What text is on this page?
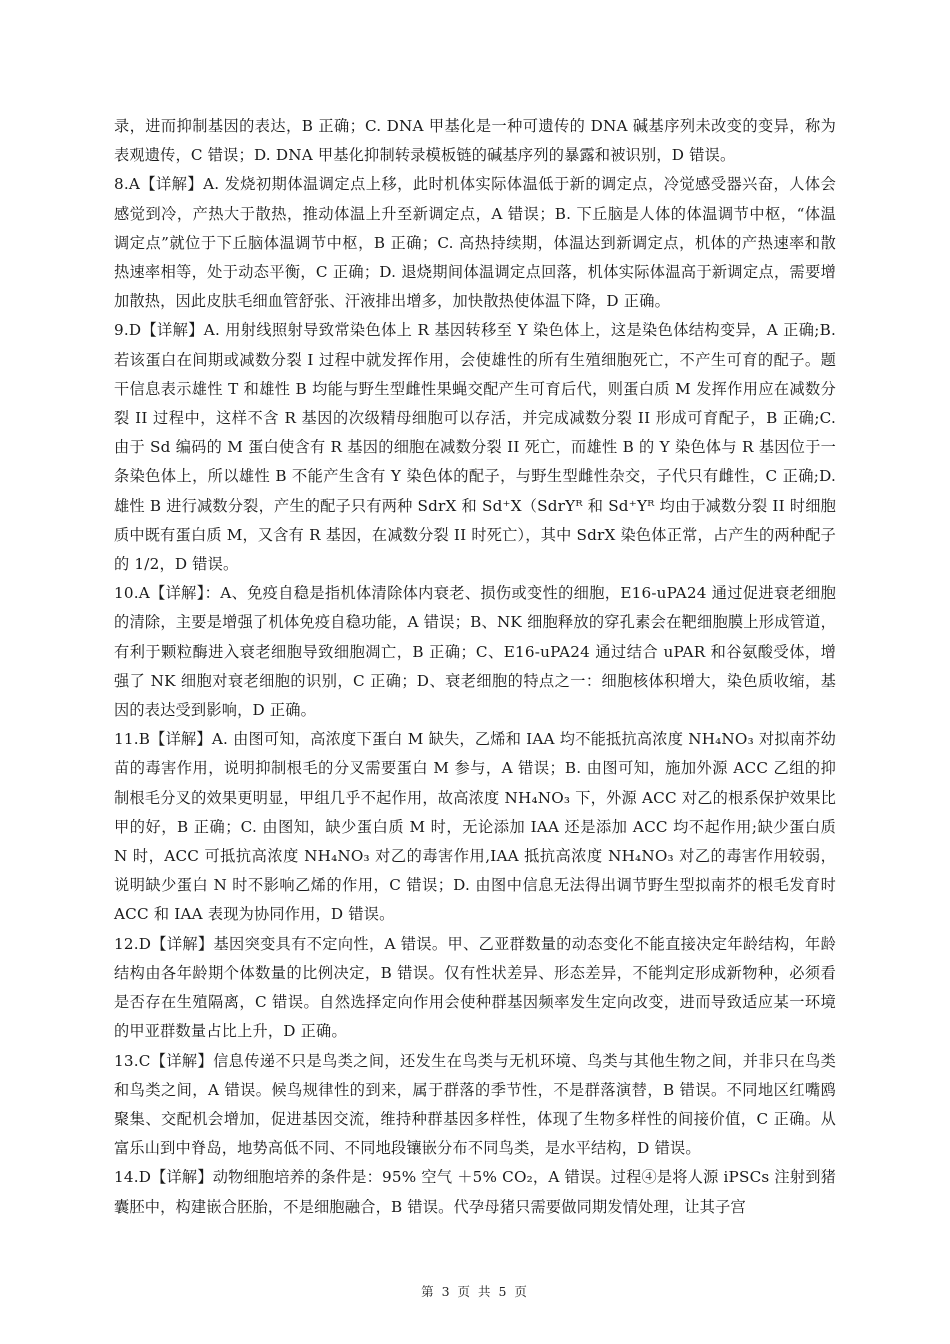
录，进而抑制基因的表达，B 正确；C. DNA 甲基化是一种可遗传的 DNA 碱基序列未改变的变异，称为表观遗传，C 错误；D. DNA 甲基化抑制转录模板链的碱基序列的暴露和被识别，D 错误。

8.A【详解】A. 发烧初期体温调定点上移，此时机体实际体温低于新的调定点，冷觉感受器兴奋，人体会感觉到冷，产热大于散热，推动体温上升至新调定点，A 错误；B. 下丘脑是人体的体温调节中枢，“体温调定点”就位于下丘脑体温调节中枢，B 正确；C. 高热持续期，体温达到新调定点，机体的产热速率和散热速率相等，处于动态平衡，C 正确；D. 退烧期间体温调定点回落，机体实际体温高于新调定点，需要增加散热，因此皮肤毛细血管舒张、汗液排出增多，加快散热使体温下降，D 正确。

9.D【详解】A. 用射线照射导致常染色体上 R 基因转移至 Y 染色体上，这是染色体结构变异，A 正确;B. 若该蛋白在间期或减数分裂 I 过程中就发挥作用，会使雄性的所有生殖细胞死亡，不产生可育的配子。题干信息表示雄性 T 和雄性 B 均能与野生型雌性果蝇交配产生可育后代，则蛋白质 M 发挥作用应在减数分裂 II 过程中，这样不含 R 基因的次级精母细胞可以存活，并完成减数分裂 II 形成可育配子，B 正确;C. 由于 Sd 编码的 M 蛋白使含有 R 基因的细胞在减数分裂 II 死亡，而雄性 B 的 Y 染色体与 R 基因位于一条染色体上，所以雄性 B 不能产生含有 Y 染色体的配子，与野生型雌性杂交，子代只有雌性，C 正确;D. 雄性 B 进行减数分裂，产生的配子只有两种 SdrX 和 Sd⁺X（SdrYᴿ 和 Sd⁺Yᴿ 均由于减数分裂 II 时细胞质中既有蛋白质 M，又含有 R 基因，在减数分裂 II 时死亡），其中 SdrX 染色体正常，占产生的两种配子的 1/2，D 错误。

10.A【详解】：A、免疫自稳是指机体清除体内衰老、损伤或变性的细胞，E16-uPA24 通过促进衰老细胞的清除，主要是增强了机体免疫自稳功能，A 错误；B、NK 细胞释放的穿孔素会在靶细胞膜上形成管道，有利于颗粒酶进入衰老细胞导致细胞凋亡，B 正确；C、E16-uPA24 通过结合 uPAR 和谷氨酸受体，增强了 NK 细胞对衰老细胞的识别，C 正确；D、衰老细胞的特点之一：细胞核体积增大，染色质收缩，基因的表达受到影响，D 正确。

11.B【详解】A. 由图可知，高浓度下蛋白 M 缺失，乙烯和 IAA 均不能抵抗高浓度 NH₄NO₃ 对拟南芥幼苗的毒害作用，说明抑制根毛的分叉需要蛋白 M 参与，A 错误；B. 由图可知，施加外源 ACC 乙组的抑制根毛分叉的效果更明显，甲组几乎不起作用，故高浓度 NH₄NO₃ 下，外源 ACC 对乙的根系保护效果比甲的好，B 正确；C. 由图知，缺少蛋白质 M 时，无论添加 IAA 还是添加 ACC 均不起作用;缺少蛋白质 N 时，ACC 可抵抗高浓度 NH₄NO₃ 对乙的毒害作用,IAA 抵抗高浓度 NH₄NO₃ 对乙的毒害作用较弱，说明缺少蛋白 N 时不影响乙烯的作用，C 错误；D. 由图中信息无法得出调节野生型拟南芥的根毛发育时 ACC 和 IAA 表现为协同作用，D 错误。

12.D【详解】基因突变具有不定向性，A 错误。甲、乙亚群数量的动态变化不能直接决定年龄结构，年龄结构由各年龄期个体数量的比例决定，B 错误。仅有性状差异、形态差异，不能判定形成新物种，必须看是否存在生殖隔离，C 错误。自然选择定向作用会使种群基因频率发生定向改变，进而导致适应某一环境的甲亚群数量占比上升，D 正确。

13.C【详解】信息传递不只是鸟类之间，还发生在鸟类与无机环境、鸟类与其他生物之间，并非只在鸟类和鸟类之间，A 错误。候鸟规律性的到来，属于群落的季节性，不是群落演替，B 错误。不同地区红嘴鸥聚集、交配机会增加，促进基因交流，维持种群基因多样性，体现了生物多样性的间接价值，C 正确。从富乐山到中脊岛，地势高低不同、不同地段镶嵌分布不同鸟类，是水平结构，D 错误。

14.D【详解】动物细胞培养的条件是：95% 空气 ＋5% CO₂，A 错误。过程④是将人源 iPSCs 注射到猪囊胚中，构建嵌合胚胎，不是细胞融合，B 错误。代孕母猪只需要做同期发情处理，让其子宫

第 3 页 共 5 页
